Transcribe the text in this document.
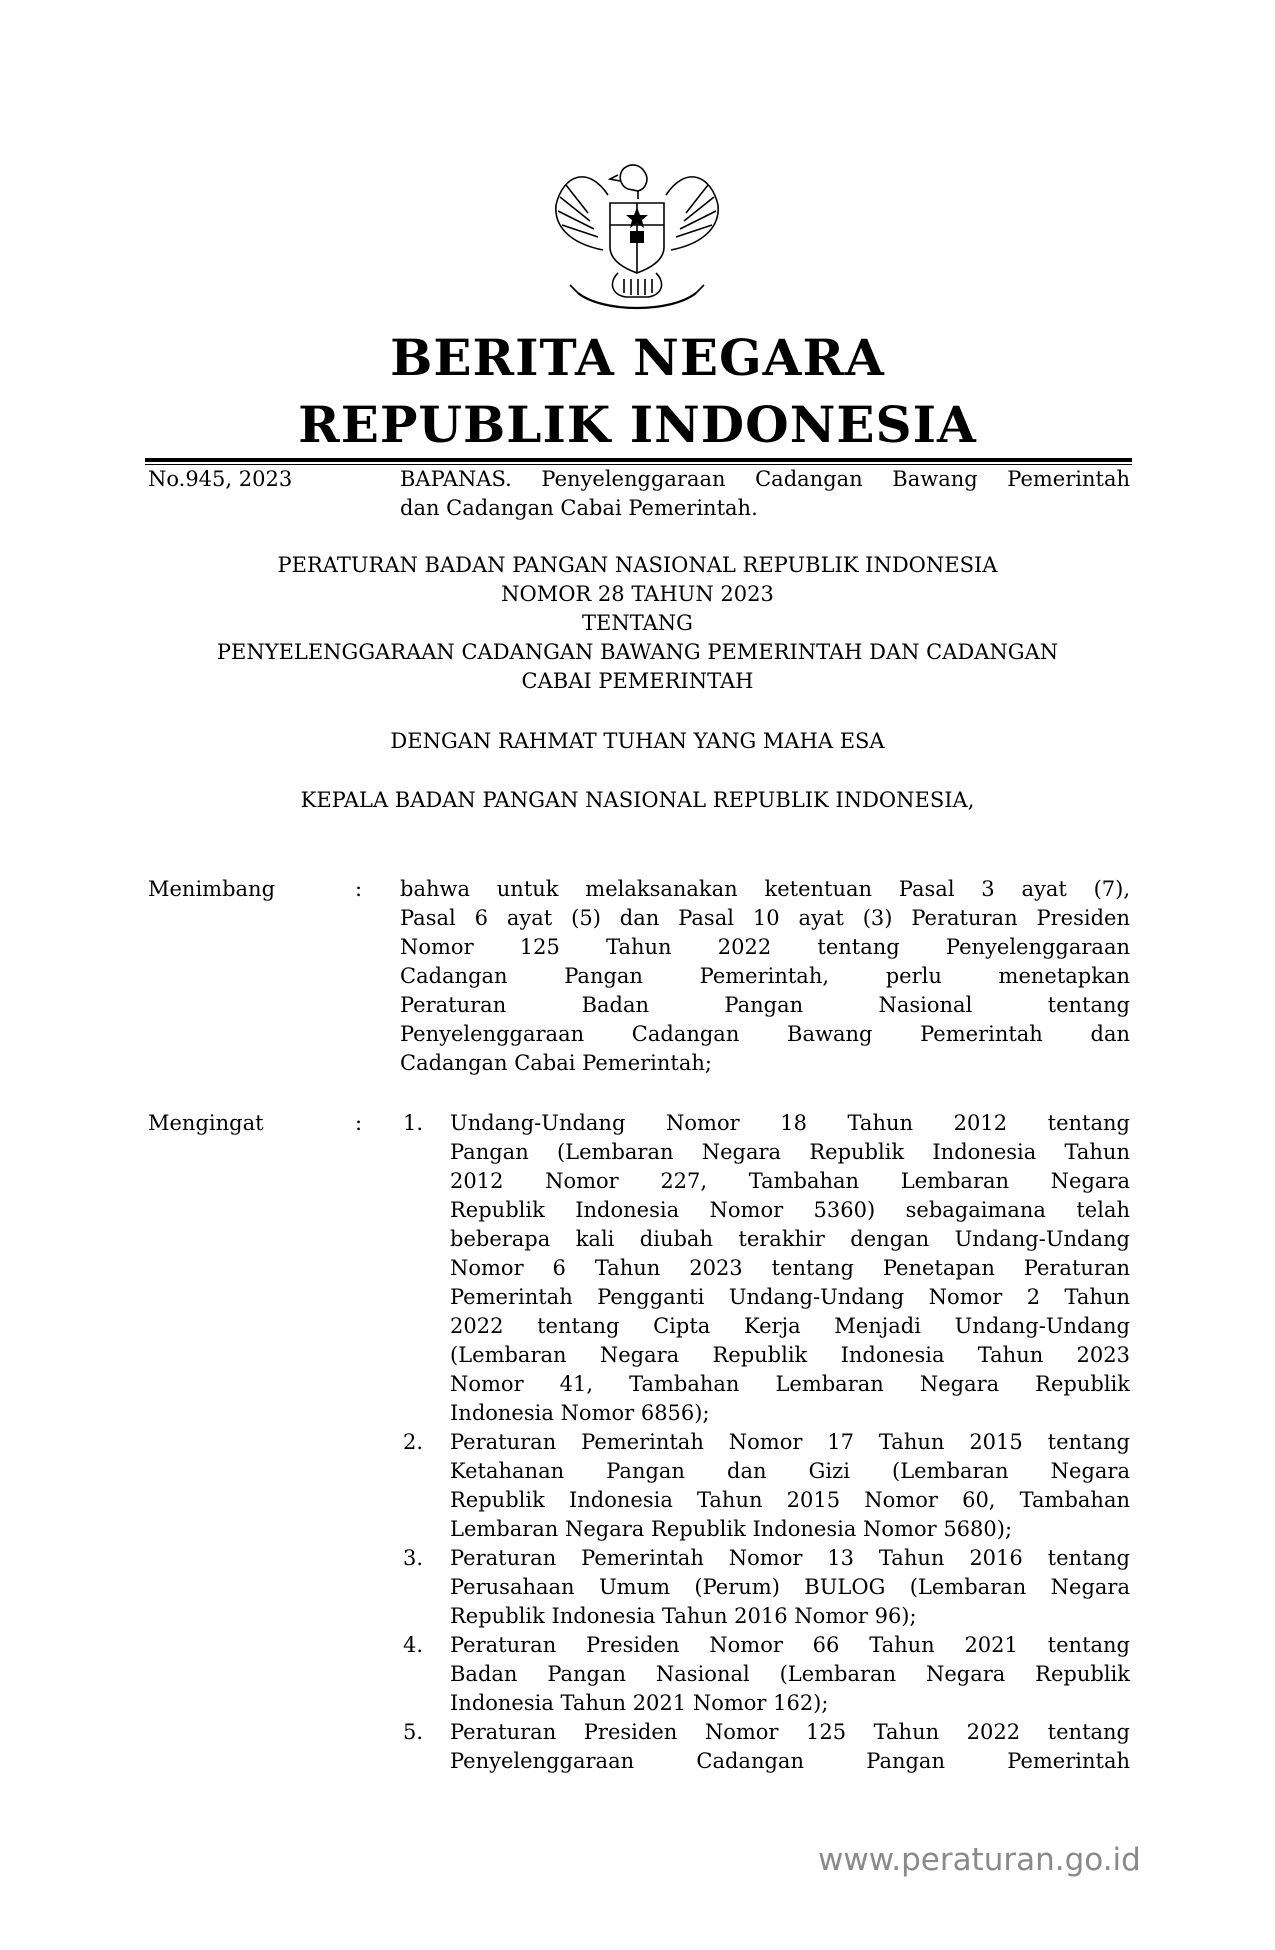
BERITA NEGARA
REPUBLIK INDONESIA
No.945, 2023	BAPANAS. Penyelenggaraan Cadangan Bawang Pemerintah
dan Cadangan Cabai Pemerintah.
PERATURAN BADAN PANGAN NASIONAL REPUBLIK INDONESIA
NOMOR 28 TAHUN 2023
TENTANG
PENYELENGGARAAN CADANGAN BAWANG PEMERINTAH DAN CADANGAN
CABAI PEMERINTAH
DENGAN RAHMAT TUHAN YANG MAHA ESA
KEPALA BADAN PANGAN NASIONAL REPUBLIK INDONESIA,
Menimbang	: bahwa untuk melaksanakan ketentuan Pasal 3 ayat (7),
Pasal 6 ayat (5) dan Pasal 10 ayat (3) Peraturan Presiden
Nomor 125 Tahun 2022 tentang Penyelenggaraan
Cadangan Pangan Pemerintah, perlu menetapkan
Peraturan Badan Pangan Nasional tentang
Penyelenggaraan Cadangan Bawang Pemerintah dan
Cadangan Cabai Pemerintah;
Mengingat	:	1. Undang-Undang Nomor 18 Tahun 2012 tentang
Pangan (Lembaran Negara Republik Indonesia Tahun
2012 Nomor 227, Tambahan Lembaran Negara
Republik Indonesia Nomor 5360) sebagaimana telah
beberapa kali diubah terakhir dengan Undang-Undang
Nomor 6 Tahun 2023 tentang Penetapan Peraturan
Pemerintah Pengganti Undang-Undang Nomor 2 Tahun
2022 tentang Cipta Kerja Menjadi Undang-Undang
(Lembaran Negara Republik Indonesia Tahun 2023
Nomor 41, Tambahan Lembaran Negara Republik
Indonesia Nomor 6856);
2. Peraturan Pemerintah Nomor 17 Tahun 2015 tentang
Ketahanan Pangan dan Gizi (Lembaran Negara
Republik Indonesia Tahun 2015 Nomor 60, Tambahan
Lembaran Negara Republik Indonesia Nomor 5680);
3. Peraturan Pemerintah Nomor 13 Tahun 2016 tentang
Perusahaan Umum (Perum) BULOG (Lembaran Negara
Republik Indonesia Tahun 2016 Nomor 96);
4. Peraturan Presiden Nomor 66 Tahun 2021 tentang
Badan Pangan Nasional (Lembaran Negara Republik
Indonesia Tahun 2021 Nomor 162);
5. Peraturan Presiden Nomor 125 Tahun 2022 tentang
Penyelenggaraan Cadangan Pangan Pemerintah
www.peraturan.go.id
